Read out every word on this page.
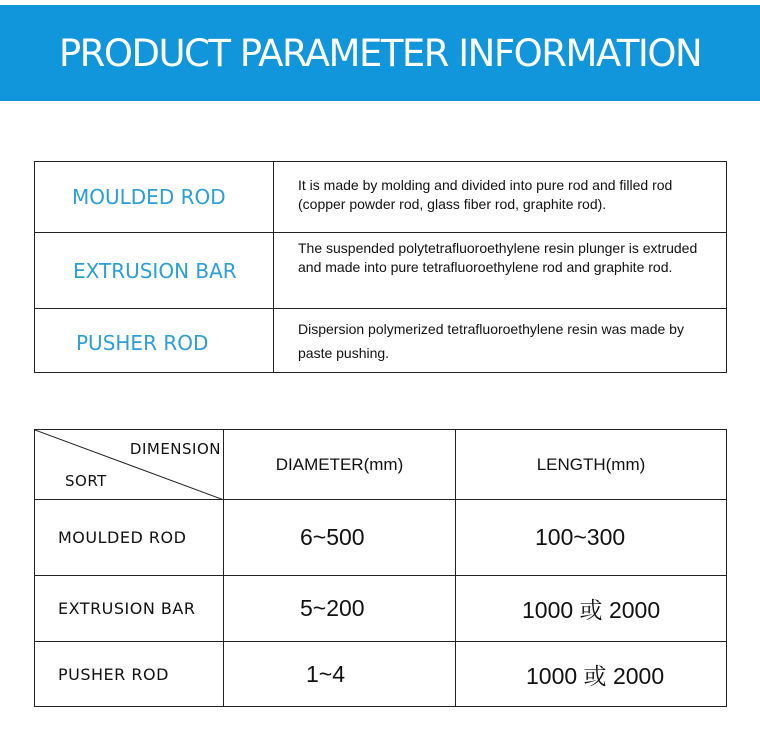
PRODUCT PARAMETER INFORMATION
MOULDED ROD	It is made by molding and divided into pure rod and filled rod (copper powder rod, glass fiber rod, graphite rod).
EXTRUSION BAR	The suspended polytetrafluoroethylene resin plunger is extruded and made into pure tetrafluoroethylene rod and graphite rod.
PUSHER ROD	Dispersion polymerized tetrafluoroethylene resin was made by paste pushing.
DIMENSION
SORT	DIAMETER(mm)	LENGTH(mm)
MOULDED ROD	6~500	100~300
EXTRUSION BAR	5~200	1000 或 2000
PUSHER ROD	1~4	1000 或 2000
